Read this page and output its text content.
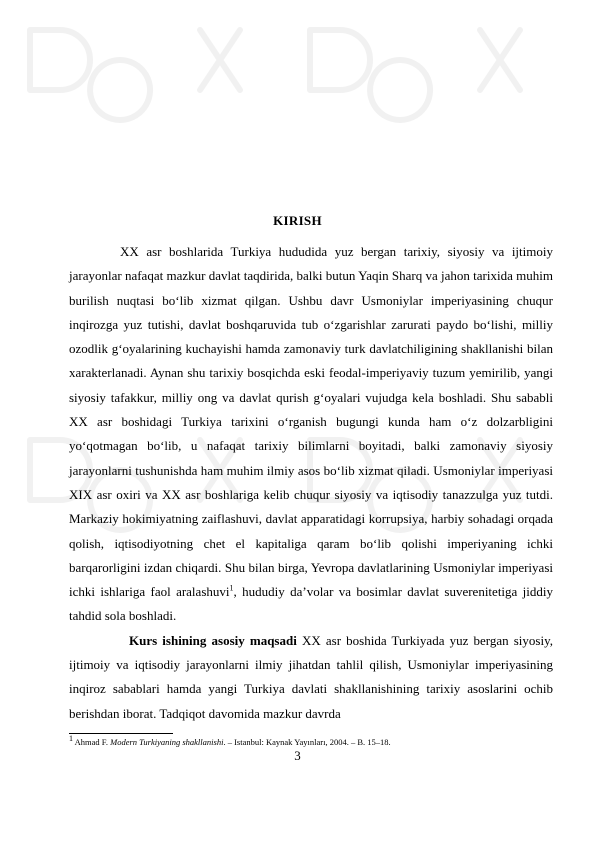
KIRISH

XX asr boshlarida Turkiya hududida yuz bergan tarixiy, siyosiy va ijtimoiy jarayonlar nafaqat mazkur davlat taqdirida, balki butun Yaqin Sharq va jahon tarixida muhim burilish nuqtasi bo‘lib xizmat qilgan. Ushbu davr Usmoniylar imperiyasining chuqur inqirozga yuz tutishi, davlat boshqaruvida tub o‘zgarishlar zarurati paydo bo‘lishi, milliy ozodlik g‘oyalarining kuchayishi hamda zamonaviy turk davlatchiligining shakllanishi bilan xarakterlanadi. Aynan shu tarixiy bosqichda eski feodal-imperiyaviy tuzum yemirilib, yangi siyosiy tafakkur, milliy ong va davlat qurish g‘oyalari vujudga kela boshladi. Shu sababli XX asr boshidagi Turkiya tarixini o‘rganish bugungi kunda ham o‘z dolzarbligini yo‘qotmagan bo‘lib, u nafaqat tarixiy bilimlarni boyitadi, balki zamonaviy siyosiy jarayonlarni tushunishda ham muhim ilmiy asos bo‘lib xizmat qiladi. Usmoniylar imperiyasi XIX asr oxiri va XX asr boshlariga kelib chuqur siyosiy va iqtisodiy tanazzulga yuz tutdi. Markaziy hokimiyatning zaiflashuvi, davlat apparatidagi korrupsiya, harbiy sohadagi orqada qolish, iqtisodiyotning chet el kapitaliga qaram bo‘lib qolishi imperiyaning ichki barqarorligini izdan chiqardi. Shu bilan birga, Yevropa davlatlarining Usmoniylar imperiyasi ichki ishlariga faol aralashuvi$^1$, hududiy da’volar va bosimlar davlat suverenitetiga jiddiy tahdid sola boshladi.

Kurs ishining asosiy maqsadi XX asr boshida Turkiyada yuz bergan siyosiy, ijtimoiy va iqtisodiy jarayonlarni ilmiy jihatdan tahlil qilish, Usmoniylar imperiyasining inqiroz sabablari hamda yangi Turkiya davlati shakllanishining tarixiy asoslarini ochib berishdan iborat. Tadqiqot davomida mazkur davrda

$^1$ Ahmad F. Modern Turkiyaning shakllanishi. – Istanbul: Kaynak Yayınları, 2004. – B. 15–18.
3
